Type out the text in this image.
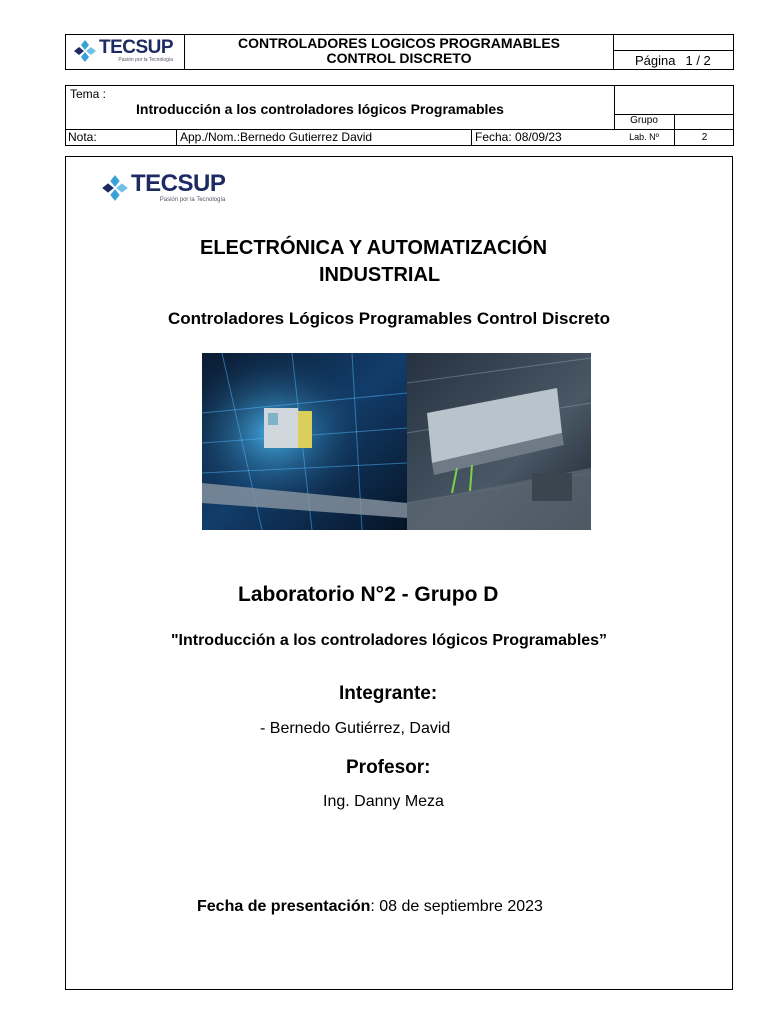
TECSUP
Pasión por la Tecnología
CONTROLADORES LOGICOS PROGRAMABLES
CONTROL DISCRETO	Página 1 / 2
Tema :
Introducción a los controladores lógicos Programables
Grupo
Nota:	App./Nom.:Bernedo Gutierrez David	Fecha: 08/09/23	Lab. Nº	2
TECSUP
Pasión por la Tecnología
ELECTRÓNICA Y AUTOMATIZACIÓN
INDUSTRIAL
Controladores Lógicos Programables Control Discreto
Laboratorio N°2 - Grupo D
"Introducción a los controladores lógicos Programables”
Integrante:
- Bernedo Gutiérrez, David
Profesor:
Ing. Danny Meza
Fecha de presentación: 08 de septiembre 2023
